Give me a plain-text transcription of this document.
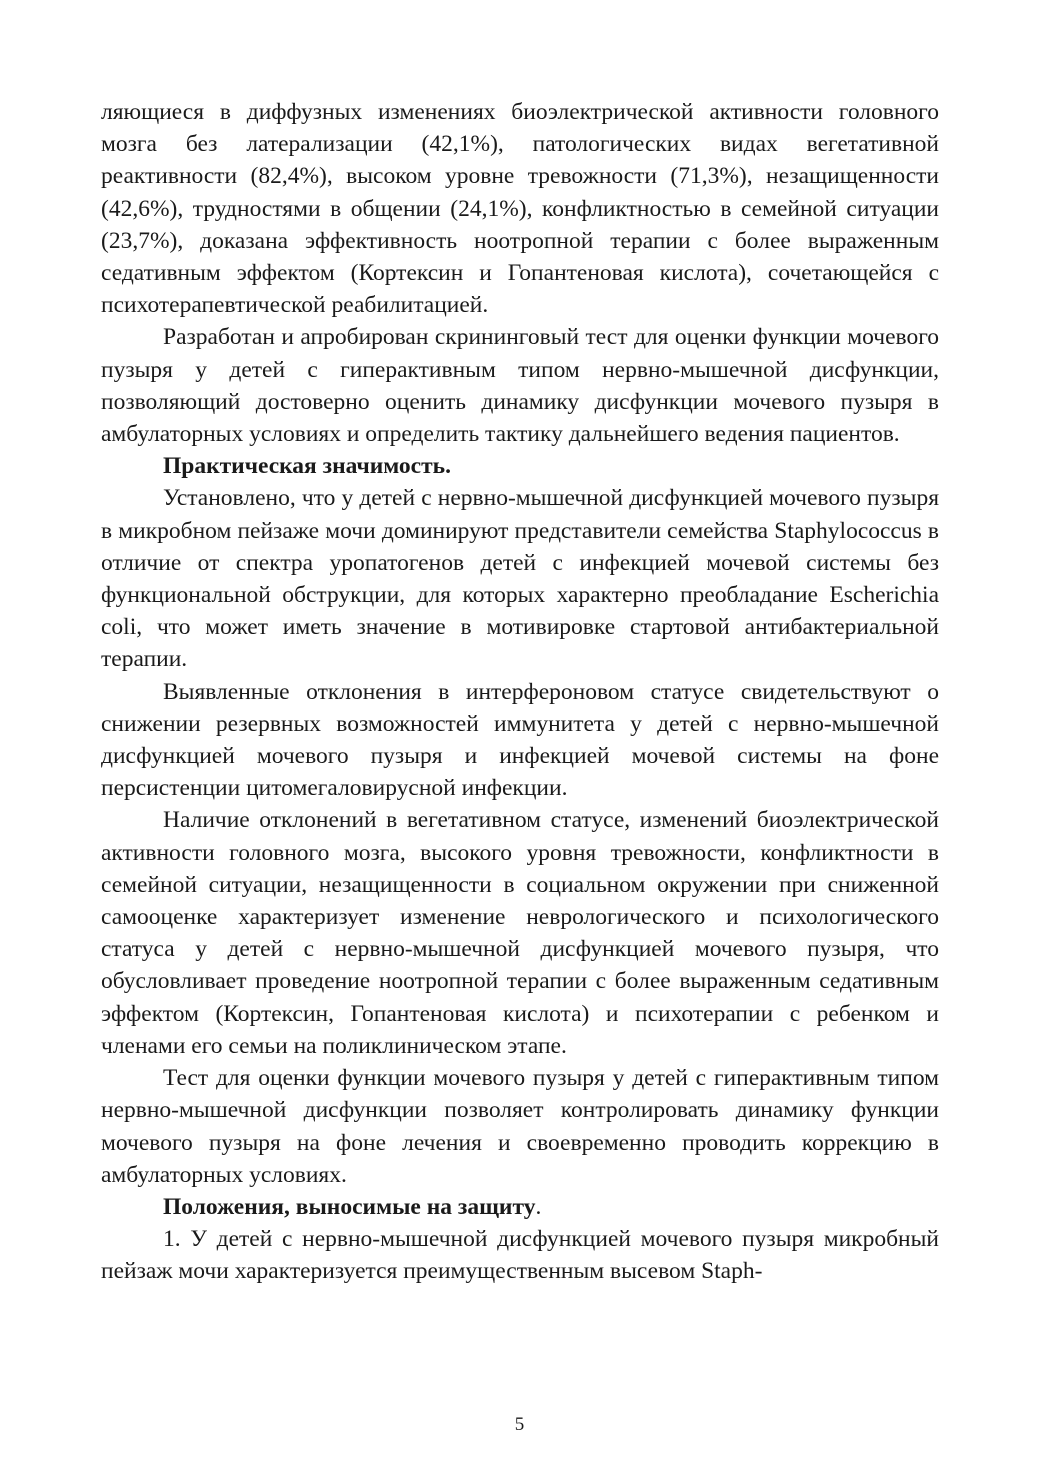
ляющиеся в диффузных изменениях биоэлектрической активности головного мозга без латерализации (42,1%), патологических видах вегетативной реактивности (82,4%), высоком уровне тревожности (71,3%), незащищенности (42,6%), трудностями в общении (24,1%), конфликтностью в семейной ситуации (23,7%), доказана эффективность ноотропной терапии с более выраженным седативным эффектом (Кортексин и Гопантеновая кислота), сочетающейся с психотерапевтической реабилитацией.

Разработан и апробирован скрининговый тест для оценки функции мочевого пузыря у детей с гиперактивным типом нервно-мышечной дисфункции, позволяющий достоверно оценить динамику дисфункции мочевого пузыря в амбулаторных условиях и определить тактику дальнейшего ведения пациентов.

Практическая значимость.

Установлено, что у детей с нервно-мышечной дисфункцией мочевого пузыря в микробном пейзаже мочи доминируют представители семейства Staphylococcus в отличие от спектра уропатогенов детей с инфекцией мочевой системы без функциональной обструкции, для которых характерно преобладание Escherichia coli, что может иметь значение в мотивировке стартовой антибактериальной терапии.

Выявленные отклонения в интерфероновом статусе свидетельствуют о снижении резервных возможностей иммунитета у детей с нервно-мышечной дисфункцией мочевого пузыря и инфекцией мочевой системы на фоне персистенции цитомегаловирусной инфекции.

Наличие отклонений в вегетативном статусе, изменений биоэлектрической активности головного мозга, высокого уровня тревожности, конфликтности в семейной ситуации, незащищенности в социальном окружении при сниженной самооценке характеризует изменение неврологического и психологического статуса у детей с нервно-мышечной дисфункцией мочевого пузыря, что обусловливает проведение ноотропной терапии с более выраженным седативным эффектом (Кортексин, Гопантеновая кислота) и психотерапии с ребенком и членами его семьи на поликлиническом этапе.

Тест для оценки функции мочевого пузыря у детей с гиперактивным типом нервно-мышечной дисфункции позволяет контролировать динамику функции мочевого пузыря на фоне лечения и своевременно проводить коррекцию в амбулаторных условиях.

Положения, выносимые на защиту.

1. У детей с нервно-мышечной дисфункцией мочевого пузыря микробный пейзаж мочи характеризуется преимущественным высевом Staph-

5
